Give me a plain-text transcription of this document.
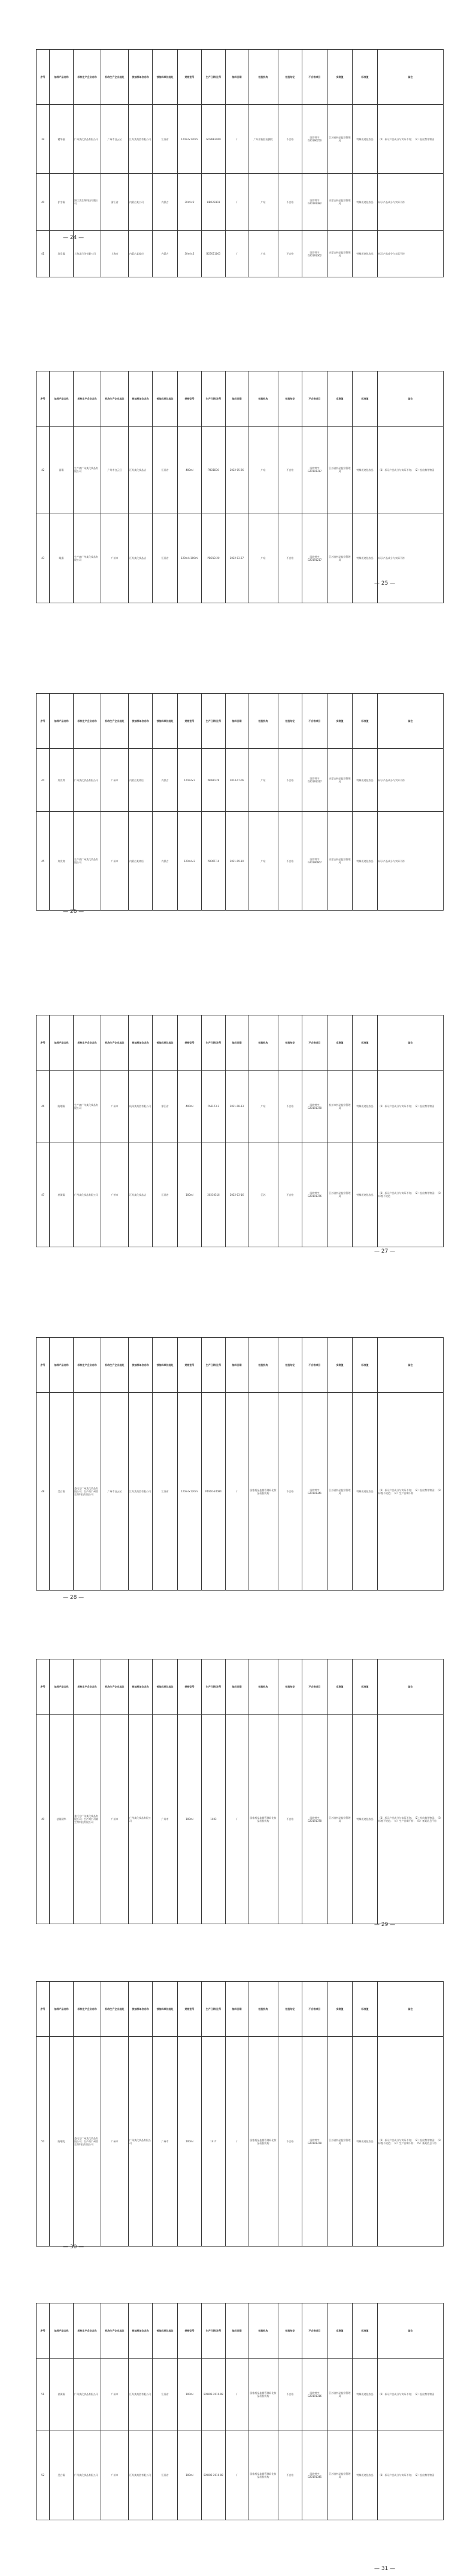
序号	抽样产品名称	标称生产企业名称	标称生产企业地址	被抽样单位名称	被抽样单位地址	规格型号	生产日期/批号	抽样日期	检验机构	检验结论	不合格项目	实测值	标准值	备注
39	精华液	广州某化妆品有限公司	广州市白云区	江苏某商贸有限公司	江苏省	120ml×120ml	GO2BB3040	/	广东省检验检测院	不合格	国妆特字G20190250	江苏省药品监督管理局	特殊用途化妆品	（1）标示产品成分与实际不符；（2）检出禁用物质
40	护手霜	浙江某生物科技有限公司	浙江省	内蒙古某公司	内蒙古	30ml×2	HBO2B303	/	广东	不合格	国妆特字G20191382	内蒙古药品监督管理局	特殊用途化妆品	标示产品成分与实际不符
41	洗发露	上海某日化有限公司	上海市	内蒙古某超市	内蒙古	30ml×2	BO7011003	/	广东	不合格	国妆特字G20191362	内蒙古药品监督管理局	特殊用途化妆品	标示产品成分与实际不符
— 24 —
序号	抽样产品名称	标称生产企业名称	标称生产企业地址	被抽样单位名称	被抽样单位地址	规格型号	生产日期/批号	抽样日期	检验机构	检验结论	不合格项目	实测值	标准值	备注
42	面霜	生产商广州某化妆品有限公司	广州市白云区	江苏某化妆品店	江苏省	400ml	PBO1B30	2022-05-26	广东	不合格	国妆特字G20191317	江苏省药品监督管理局	特殊用途化妆品	（1）标示产品成分与实际不符；（2）检出禁用物质
43	眼霜	生产商广州某化妆品有限公司	广州市	江苏某化妆品店	江苏省	120ml×100ml	PBO1B-20	2022-03-27	广东	不合格	国妆特字G20191217	江苏省药品监督管理局	特殊用途化妆品	标示产品成分与实际不符
— 25 —
序号	抽样产品名称	标称生产企业名称	标称生产企业地址	被抽样单位名称	被抽样单位地址	规格型号	生产日期/批号	抽样日期	检验机构	检验结论	不合格项目	实测值	标准值	备注
44	染发膏	广州某化妆品有限公司	广州市	内蒙古某商店	内蒙古	120ml×2	PBAB0-26	2014-07-06	广东	不合格	国妆特字G20191317	内蒙古药品监督管理局	特殊用途化妆品	标示产品成分与实际不符
45	染发剂	生产商广州某化妆品有限公司	广州市	内蒙古某商店	内蒙古	120ml×2	PBO6T-14	2021-09-10	广东	不合格	国妆特字G20190667	内蒙古药品监督管理局	特殊用途化妆品	标示产品成分与实际不符
— 26 —
序号	抽样产品名称	标称生产企业名称	标称生产企业地址	被抽样单位名称	被抽样单位地址	规格型号	生产日期/批号	抽样日期	检验机构	检验结论	不合格项目	实测值	标准值	备注
46	防晒霜	生产商广州某化妆品有限公司	广州市	杭州某商贸有限公司	浙江省	400ml	PA6173-2	2021-08-13	广东	不合格	国妆特字G20191378	杭州市药品监督管理局	特殊用途化妆品	（1）标示产品成分与实际不符；（2）检出禁用物质
47	祛斑霜	广州某化妆品有限公司	广州市	江苏某化妆品店	江苏省	100ml	20210316	2022-03-16	江苏	不合格	国妆特字G20191376	江苏省药品监督管理局	特殊用途化妆品	（1）标示产品成分与实际不符；（2）检出禁用物质；（3）标签不规范
— 27 —
序号	抽样产品名称	标称生产企业名称	标称生产企业地址	被抽样单位名称	被抽样单位地址	规格型号	生产日期/批号	抽样日期	检验机构	检验结论	不合格项目	实测值	标准值	备注
48	美白霜	委托方广州某化妆品有限公司；生产商广州某生物科技有限公司	广州市白云区	江苏某商贸有限公司	江苏省	120ml×120ml	P1910-24084	/	国家药品监督管理局化妆品检验机构	不合格	国妆特字G20191341	江苏省药品监督管理局	特殊用途化妆品	（1）标示产品成分与实际不符；（2）检出禁用物质；（3）标签不规范；（4）生产日期不符
— 28 —
序号	抽样产品名称	标称生产企业名称	标称生产企业地址	被抽样单位名称	被抽样单位地址	规格型号	生产日期/批号	抽样日期	检验机构	检验结论	不合格项目	实测值	标准值	备注
49	祛斑精华	委托方广州某化妆品有限公司；生产商广州某生物科技有限公司	广州市	广州某化妆品有限公司	广州市	100ml	1403	/	国家药品监督管理局化妆品检验机构	不合格	国妆特字G20191378	江苏省药品监督管理局	特殊用途化妆品	（1）标示产品成分与实际不符；（2）检出禁用物质；（3）标签不规范；（4）生产日期不符；（5）备案信息不符
— 29 —
序号	抽样产品名称	标称生产企业名称	标称生产企业地址	被抽样单位名称	被抽样单位地址	规格型号	生产日期/批号	抽样日期	检验机构	检验结论	不合格项目	实测值	标准值	备注
50	防晒乳	委托方广州某化妆品有限公司；生产商广州某生物科技有限公司	广州市	广州某化妆品有限公司	广州市	100ml	1417	/	国家药品监督管理局化妆品检验机构	不合格	国妆特字G20191378	江苏省药品监督管理局	特殊用途化妆品	（1）标示产品成分与实际不符；（2）检出禁用物质；（3）标签不规范；（4）生产日期不符；（5）备案信息不符
— 30 —
序号	抽样产品名称	标称生产企业名称	标称生产企业地址	被抽样单位名称	被抽样单位地址	规格型号	生产日期/批号	抽样日期	检验机构	检验结论	不合格项目	实测值	标准值	备注
51	祛斑霜	广州某化妆品有限公司	广州市	江苏某商贸有限公司	江苏省	100ml	BXHO2-2010-08	/	国家药品监督管理局化妆品检验机构	不合格	国妆特字G20191316	江苏省药品监督管理局	特殊用途化妆品	（1）标示产品成分与实际不符；（2）检出禁用物质
52	美白霜	广州某化妆品有限公司	广州市	江苏某商贸有限公司	江苏省	100ml	BXHO2-2010-08	/	国家药品监督管理局化妆品检验机构	不合格	国妆特字G20191345	江苏省药品监督管理局	特殊用途化妆品	（1）标示产品成分与实际不符；（2）检出禁用物质
— 31 —
